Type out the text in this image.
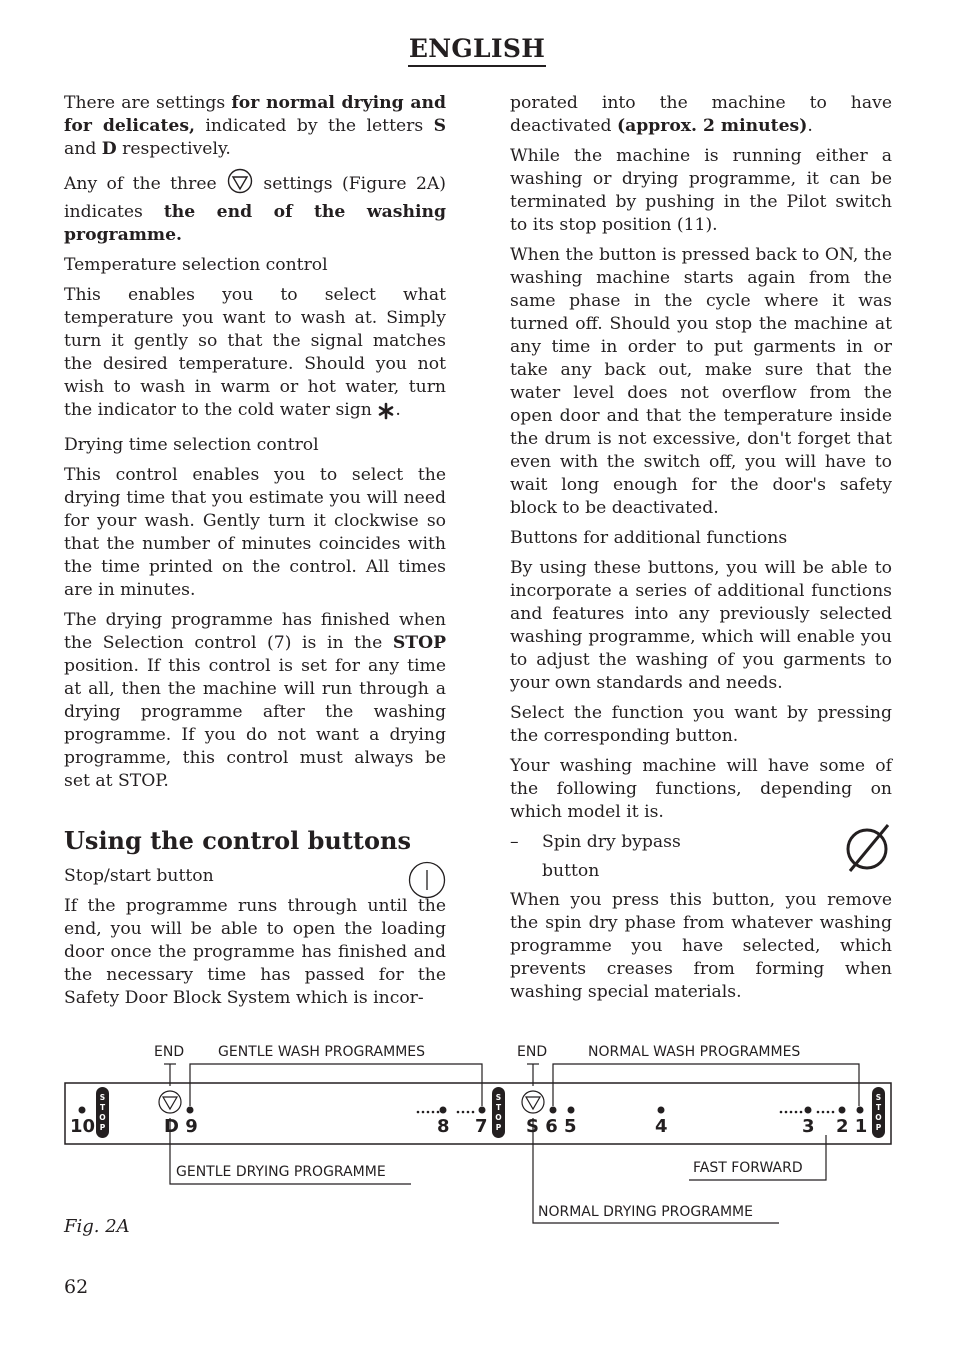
ENGLISH

There are settings for normal drying and for delicates, indicated by the letters S and D respectively.

Any of the three  settings (Figure 2A) indicates the end of the washing programme.

Temperature selection control

This enables you to select what temperature you want to wash at. Simply turn it gently so that the signal matches the desired temperature. Should you not wish to wash in warm or hot water, turn the indicator to the cold water sign .

Drying time selection control

This control enables you to select the drying time that you estimate you will need for your wash. Gently turn it clockwise so that the number of minutes coincides with the time printed on the control. All times are in minutes.

The drying programme has finished when the Selection control (7) is in the STOP position. If this control is set for any time at all, then the machine will run through a drying programme after the washing programme. If you do not want a drying programme, this control must always be set at STOP.

Using the control buttons
Stop/start button

If the programme runs through until the end, you will be able to open the loading door once the programme has finished and the necessary time has passed for the Safety Door Block System which is incor-

porated into the machine to have deactivated (approx. 2 minutes).

While the machine is running either a washing or drying programme, it can be terminated by pushing in the Pilot switch to its stop position (11).

When the button is pressed back to ON, the washing machine starts again from the same phase in the cycle where it was turned off. Should you stop the machine at any time in order to put garments in or take any back out, make sure that the water level does not overflow from the open door and that the temperature inside the drum is not excessive, don't forget that even with the switch off, you will have to wait long enough for the door's safety block to be deactivated.

Buttons for additional functions

By using these buttons, you will be able to incorporate a series of additional functions and features into any previously selected washing programme, which will enable you to adjust the washing of you garments to your own standards and needs.

Select the function you want by pressing the corresponding button.

Your washing machine will have some of the following functions, depending on which model it is.

–	Spin dry bypass
button

When you press this button, you remove the spin dry phase from whatever washing programme you have selected, which prevents creases from forming when washing special materials.

S
T
O
P
S
T
O
P
S
T
O
P
END GENTLE WASH PROGRAMMES	END	NORMAL WASH PROGRAMMES
GENTLE DRYING PROGRAMME	FAST FORWARD
NORMAL DRYING PROGRAMME
10	D 9	8 7 S 6 5	4	3 2 1
Fig. 2A
62
